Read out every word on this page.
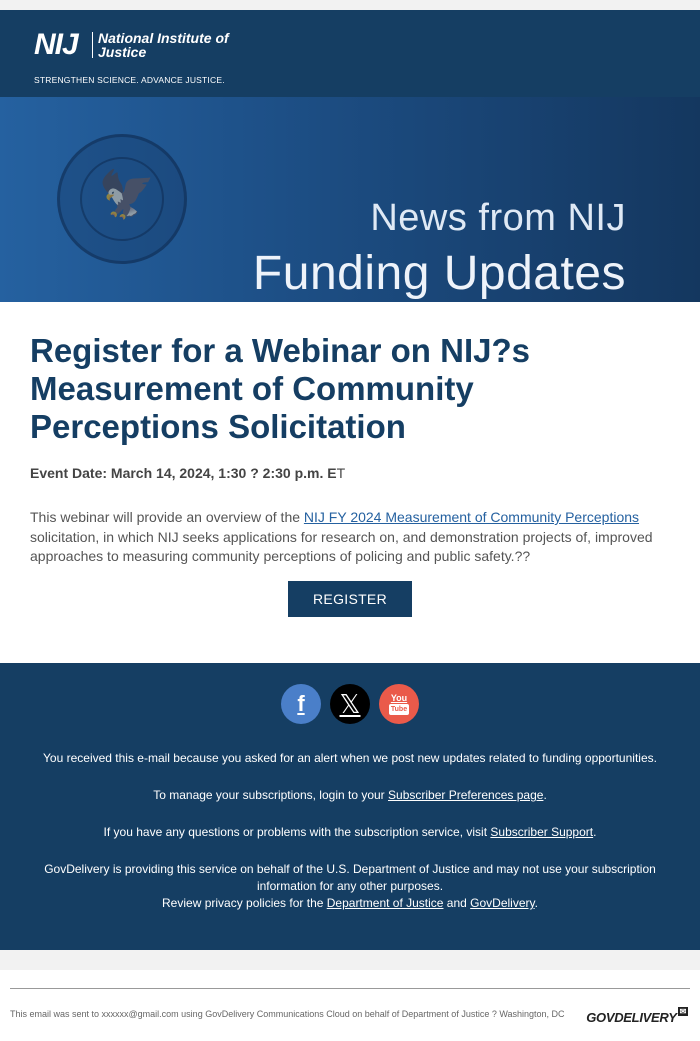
NIJ National Institute of Justice
STRENGTHEN SCIENCE. ADVANCE JUSTICE.
🦅	News from NIJ
Funding Updates
Register for a Webinar on NIJ?s Measurement of Community Perceptions Solicitation
Event Date: March 14, 2024, 1:30 ? 2:30 p.m. ET

This webinar will provide an overview of the NIJ FY 2024 Measurement of Community Perceptions solicitation, in which NIJ seeks applications for research on, and demonstration projects of, improved approaches to measuring community perceptions of policing and public safety.??

REGISTER
f	𝕏	You
Tube

You received this e-mail because you asked for an alert when we post new updates related to funding opportunities.

To manage your subscriptions, login to your Subscriber Preferences page.

If you have any questions or problems with the subscription service, visit Subscriber Support.

GovDelivery is providing this service on behalf of the U.S. Department of Justice and may not use your subscription information for any other purposes.
Review privacy policies for the Department of Justice and GovDelivery.

This email was sent to xxxxxx@gmail.com using GovDelivery Communications Cloud on behalf of Department of Justice ? Washington, DC	GOVDELIVERY ✉
